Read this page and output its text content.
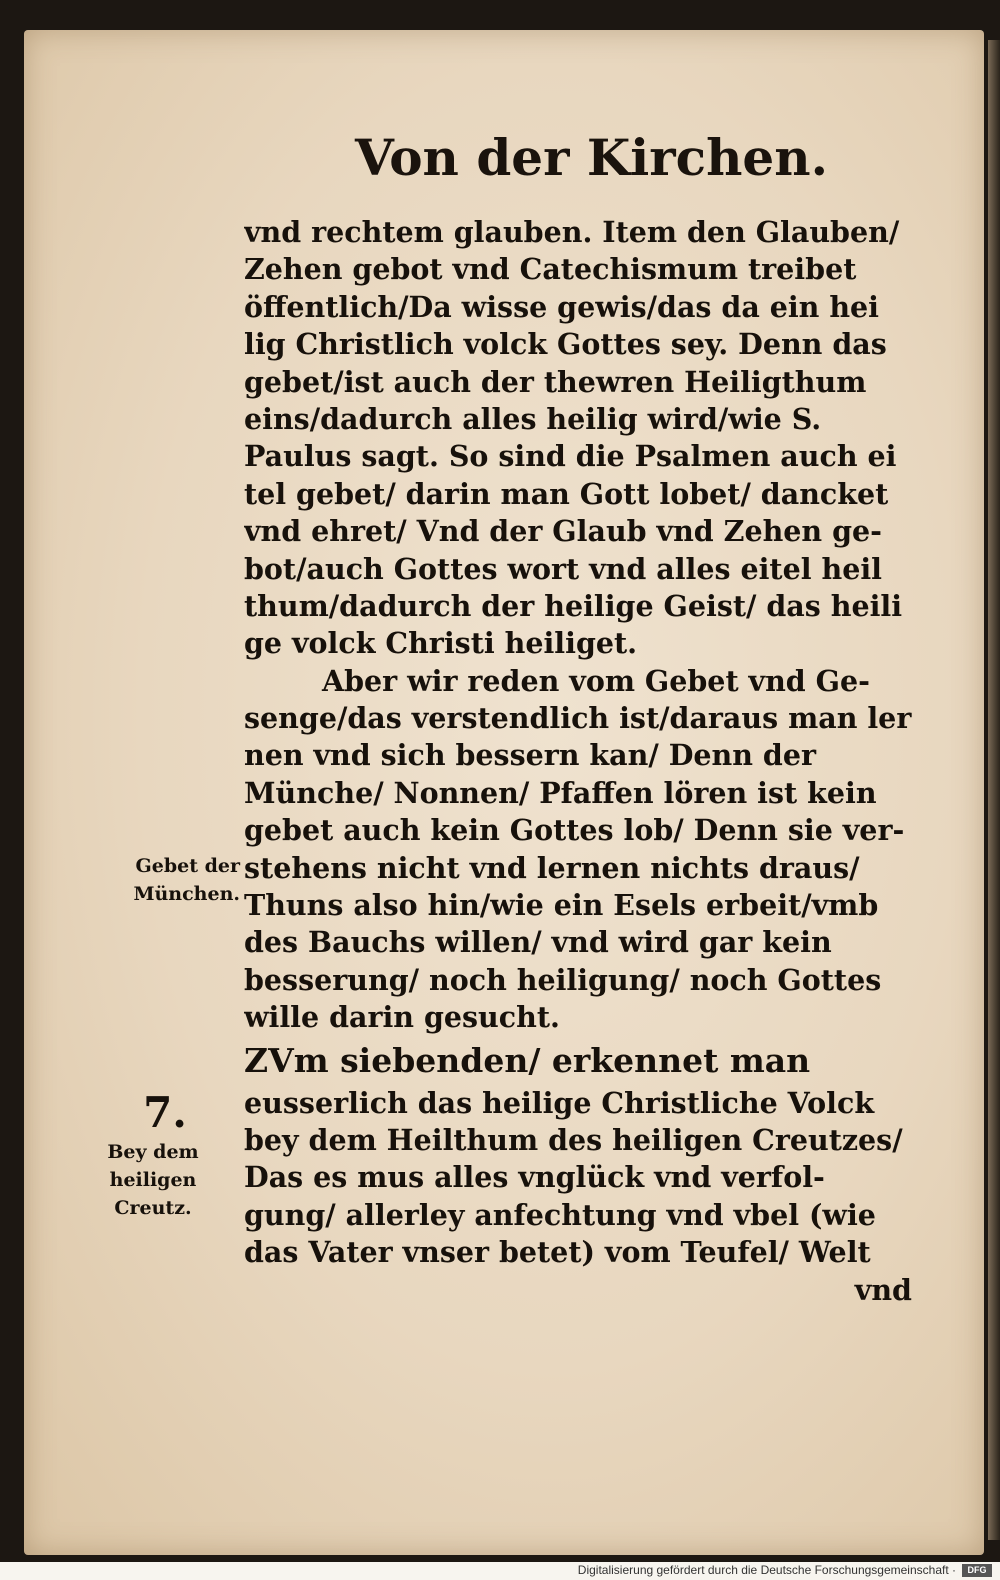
Von der Kirchen.
vnd rechtem glauben. Item den Glauben/
Zehen gebot vnd Catechismum treibet
öffentlich/Da wisse gewis/das da ein hei
lig Christlich volck Gottes sey. Denn das
gebet/ist auch der thewren Heiligthum
eins/dadurch alles heilig wird/wie S.
Paulus sagt. So sind die Psalmen auch ei
tel gebet/ darin man Gott lobet/ dancket
vnd ehret/ Vnd der Glaub vnd Zehen ge-
bot/auch Gottes wort vnd alles eitel heil
thum/dadurch der heilige Geist/ das heili
ge volck Christi heiliget.
Aber wir reden vom Gebet vnd Ge-
senge/das verstendlich ist/daraus man ler
nen vnd sich bessern kan/ Denn der
Münche/ Nonnen/ Pfaffen lören ist kein
gebet auch kein Gottes lob/ Denn sie ver-
stehens nicht vnd lernen nichts draus/
Thuns also hin/wie ein Esels erbeit/vmb
des Bauchs willen/ vnd wird gar kein
besserung/ noch heiligung/ noch Gottes
wille darin gesucht.
ZVm siebenden/ erkennet man
eusserlich das heilige Christliche Volck
bey dem Heilthum des heiligen Creutzes/
Das es mus alles vnglück vnd verfol-
gung/ allerley anfechtung vnd vbel (wie
das Vater vnser betet) vom Teufel/ Welt
vnd
Gebet der
München.
7.
Bey dem
heiligen
Creutz.
Digitalisierung gefördert durch die Deutsche Forschungsgemeinschaft ·	DFG
